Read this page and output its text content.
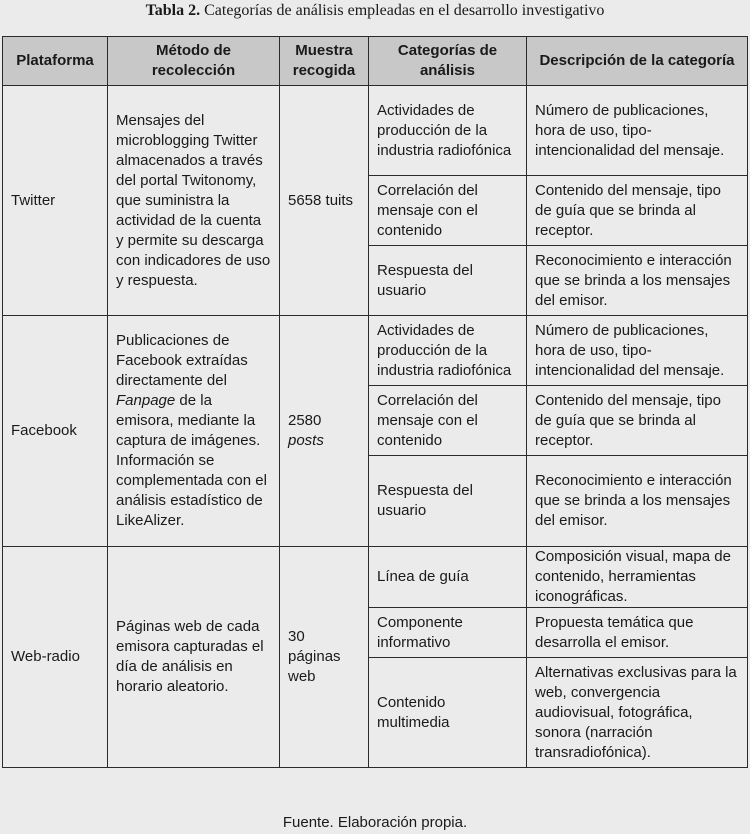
Tabla 2. Categorías de análisis empleadas en el desarrollo investigativo
Plataforma	Método de recolección	Muestra recogida	Categorías de análisis	Descripción de la categoría
Twitter	Mensajes del microblogging Twitter almacenados a través del portal Twitonomy, que suministra la actividad de la cuenta y permite su descarga con indicadores de uso y respuesta.	5658 tuits	Actividades de producción de la industria radiofónica	Número de publicaciones, hora de uso, tipo-intencionalidad del mensaje.
			Correlación del mensaje con el contenido	Contenido del mensaje, tipo de guía que se brinda al receptor.
			Respuesta del usuario	Reconocimiento e interacción que se brinda a los mensajes del emisor.
Facebook	Publicaciones de Facebook extraídas directamente del Fanpage de la emisora, mediante la captura de imágenes. Información se complementada con el análisis estadístico de LikeAlizer.	2580 posts	Actividades de producción de la industria radiofónica	Número de publicaciones, hora de uso, tipo-intencionalidad del mensaje.
			Correlación del mensaje con el contenido	Contenido del mensaje, tipo de guía que se brinda al receptor.
			Respuesta del usuario	Reconocimiento e interacción que se brinda a los mensajes del emisor.
Web-radio	Páginas web de cada emisora capturadas el día de análisis en horario aleatorio.	30 páginas web	Línea de guía	Composición visual, mapa de contenido, herramientas iconográficas.
			Componente informativo	Propuesta temática que desarrolla el emisor.
			Contenido multimedia	Alternativas exclusivas para la web, convergencia audiovisual, fotográfica, sonora (narración transradiofónica).
Fuente. Elaboración propia.
